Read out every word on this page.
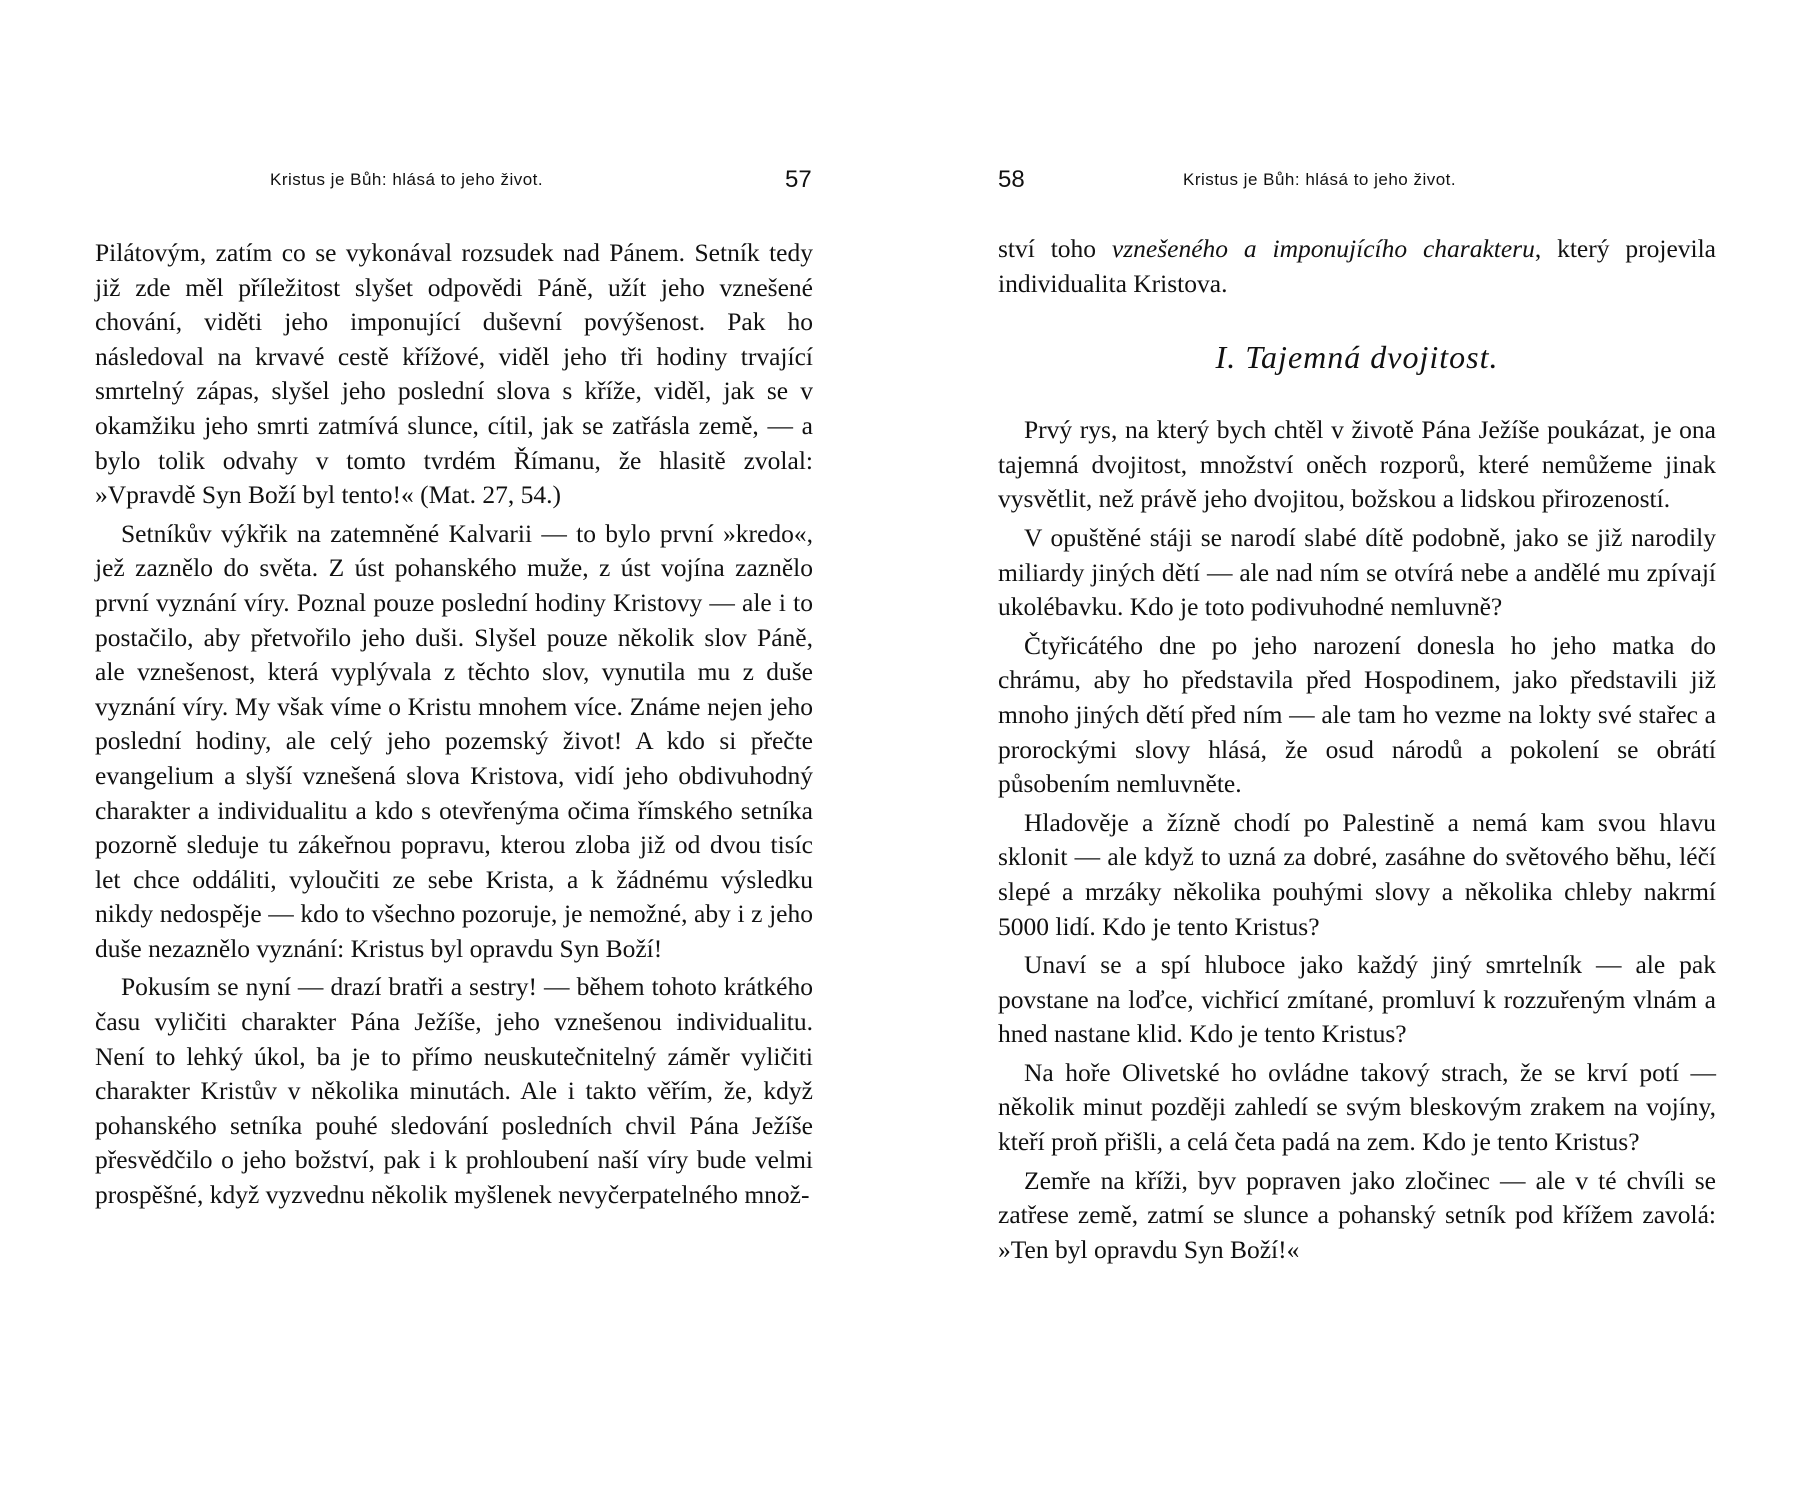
Kristus je Bůh: hlásá to jeho život.	57

Pilátovým, zatím co se vykonával rozsudek nad Pánem. Setník tedy již zde měl příležitost slyšet odpovědi Páně, užít jeho vznešené chování, viděti jeho imponující duševní povýšenost. Pak ho následoval na krvavé cestě křížové, viděl jeho tři hodiny trvající smrtelný zápas, slyšel jeho poslední slova s kříže, viděl, jak se v okamžiku jeho smrti zatmívá slunce, cítil, jak se zatřásla země, — a bylo tolik odvahy v tomto tvrdém Římanu, že hlasitě zvolal: »Vpravdě Syn Boží byl tento!« (Mat. 27, 54.)

Setníkův výkřik na zatemněné Kalvarii — to bylo první »kredo«, jež zaznělo do světa. Z úst pohanského muže, z úst vojína zaznělo první vyznání víry. Poznal pouze poslední hodiny Kristovy — ale i to postačilo, aby přetvořilo jeho duši. Slyšel pouze několik slov Páně, ale vznešenost, která vyplývala z těchto slov, vynutila mu z duše vyznání víry. My však víme o Kristu mnohem více. Známe nejen jeho poslední hodiny, ale celý jeho pozemský život! A kdo si přečte evangelium a slyší vznešená slova Kristova, vidí jeho obdivuhodný charakter a individualitu a kdo s otevřenýma očima římského setníka pozorně sleduje tu zákeřnou popravu, kterou zloba již od dvou tisíc let chce oddáliti, vyloučiti ze sebe Krista, a k žádnému výsledku nikdy nedospěje — kdo to všechno pozoruje, je nemožné, aby i z jeho duše nezaznělo vyznání: Kristus byl opravdu Syn Boží!

Pokusím se nyní — drazí bratři a sestry! — během tohoto krátkého času vyličiti charakter Pána Ježíše, jeho vznešenou individualitu. Není to lehký úkol, ba je to přímo neuskutečnitelný záměr vyličiti charakter Kristův v několika minutách. Ale i takto věřím, že, když pohanského setníka pouhé sledování posledních chvil Pána Ježíše přesvědčilo o jeho božství, pak i k prohloubení naší víry bude velmi prospěšné, když vyzvednu několik myšlenek nevyčerpatelného množ-

58	Kristus je Bůh: hlásá to jeho život.

ství toho vznešeného a imponujícího charakteru, který projevila individualita Kristova.

I. Tajemná dvojitost.

Prvý rys, na který bych chtěl v životě Pána Ježíše poukázat, je ona tajemná dvojitost, množství oněch rozporů, které nemůžeme jinak vysvětlit, než právě jeho dvojitou, božskou a lidskou přirozeností.

V opuštěné stáji se narodí slabé dítě podobně, jako se již narodily miliardy jiných dětí — ale nad ním se otvírá nebe a andělé mu zpívají ukolébavku. Kdo je toto podivuhodné nemluvně?

Čtyřicátého dne po jeho narození donesla ho jeho matka do chrámu, aby ho představila před Hospodinem, jako představili již mnoho jiných dětí před ním — ale tam ho vezme na lokty své stařec a prorockými slovy hlásá, že osud národů a pokolení se obrátí působením nemluvněte.

Hladověje a žízně chodí po Palestině a nemá kam svou hlavu sklonit — ale když to uzná za dobré, zasáhne do světového běhu, léčí slepé a mrzáky několika pouhými slovy a několika chleby nakrmí 5000 lidí. Kdo je tento Kristus?

Unaví se a spí hluboce jako každý jiný smrtelník — ale pak povstane na loďce, vichřicí zmítané, promluví k rozzuřeným vlnám a hned nastane klid. Kdo je tento Kristus?

Na hoře Olivetské ho ovládne takový strach, že se krví potí — několik minut později zahledí se svým bleskovým zrakem na vojíny, kteří proň přišli, a celá četa padá na zem. Kdo je tento Kristus?

Zemře na kříži, byv popraven jako zločinec — ale v té chvíli se zatřese země, zatmí se slunce a pohanský setník pod křížem zavolá: »Ten byl opravdu Syn Boží!«
